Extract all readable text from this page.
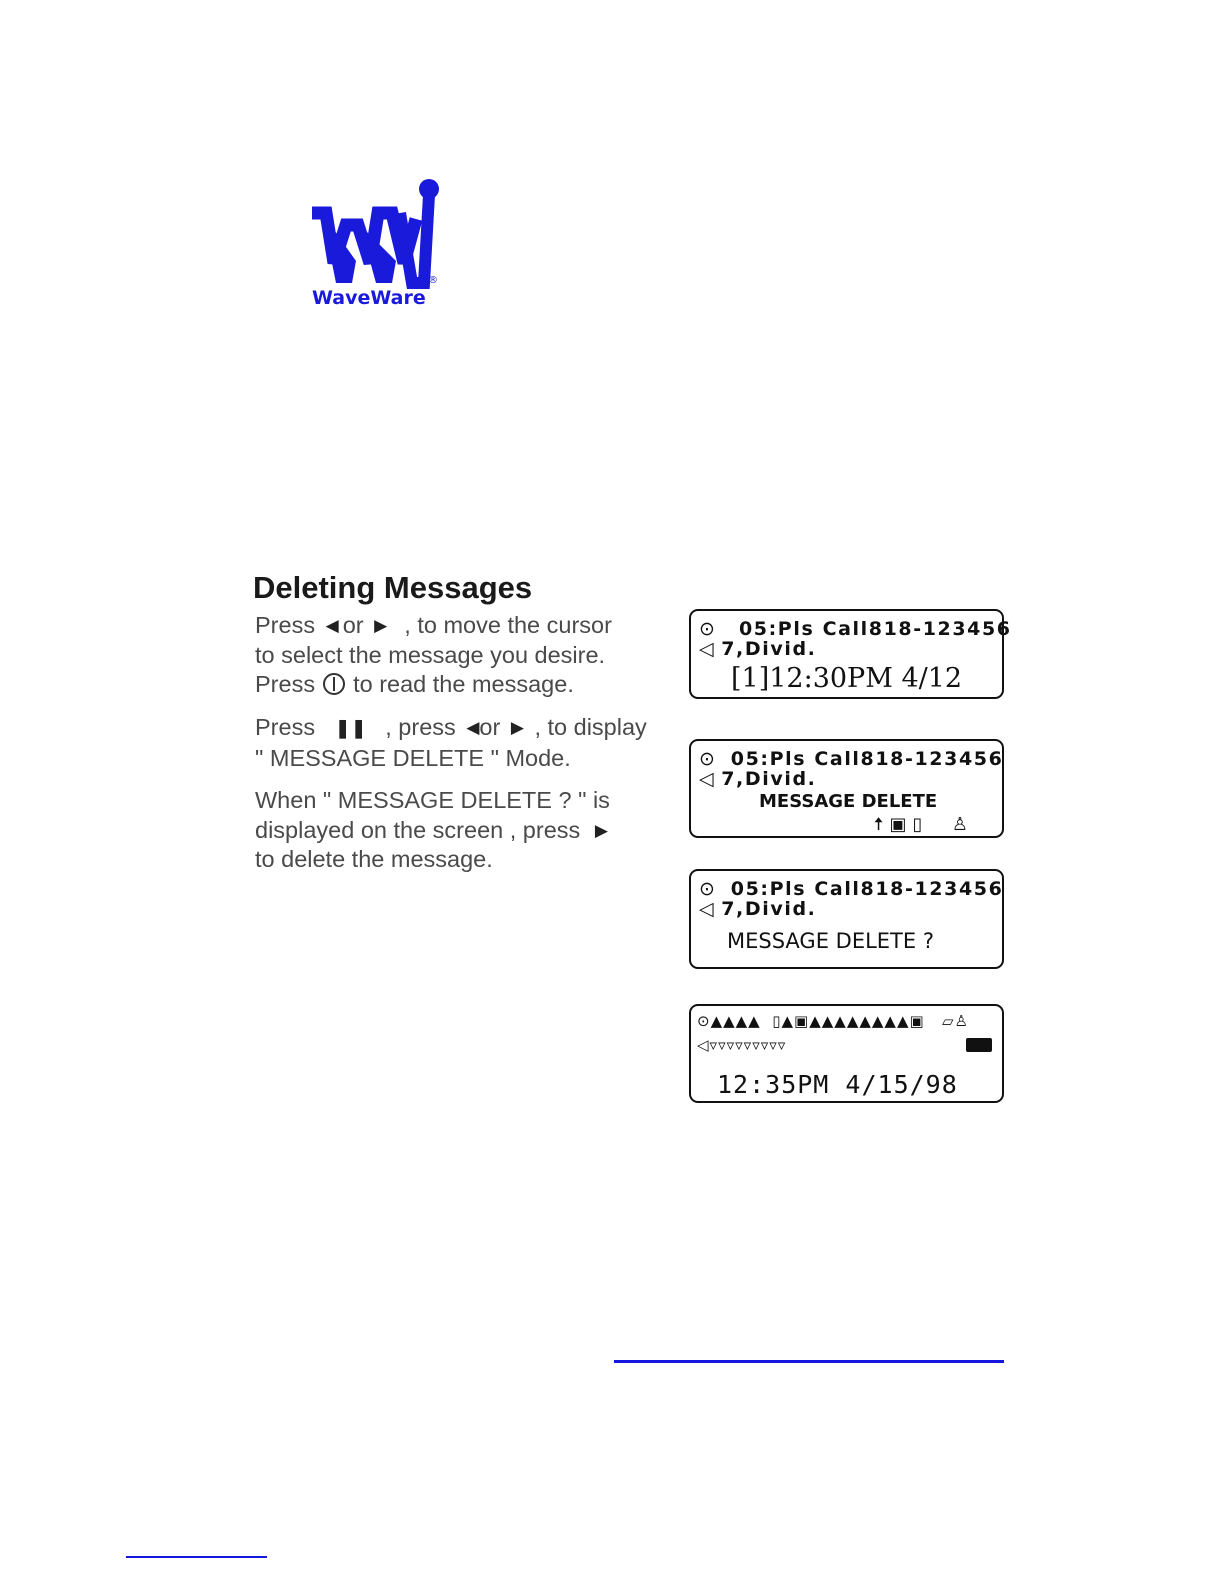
®
WaveWare
Deleting Messages
Press ◀ or ▶ , to move the cursor
to select the message you desire.
Press to read the message.
Press ❚❚ , press ◀or ▶ , to display
" MESSAGE DELETE " Mode.
When " MESSAGE DELETE ? " is
displayed on the screen , press ▶
to delete the message.
⊙ 05:Pls Call818-123456
◁ 7,Divid.
[1]12:30PM 4/12
⊙ 05:Pls Call818-123456
◁ 7,Divid.
MESSAGE DELETE
🠅▣▯ ♙
⊙ 05:Pls Call818-123456
◁ 7,Divid.
MESSAGE DELETE ?
⊙▲▲▲▲  ▯▲▣▲▲▲▲▲▲▲▲▣   ▱♙
◁▿▿▿▿▿▿▿▿▿
12:35PM 4/15/98
